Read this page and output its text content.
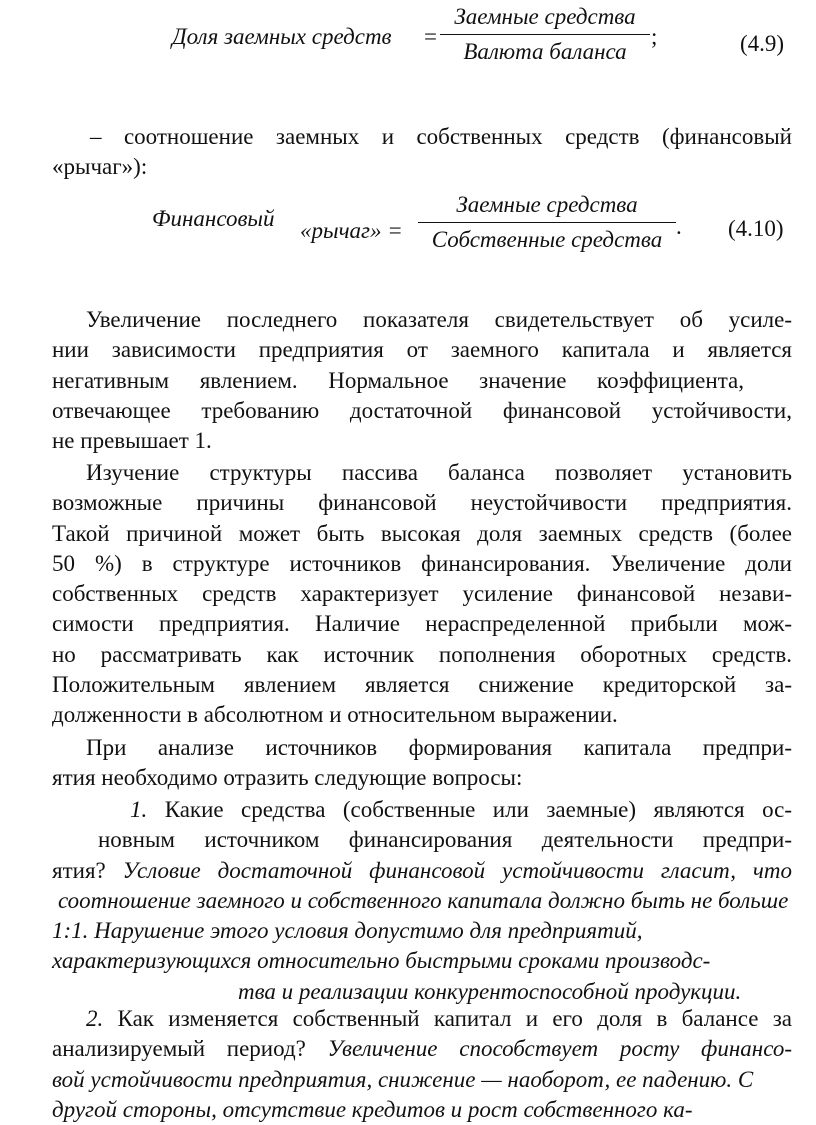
Доля заемных средств =
Заемные средства
Валюта баланса
;	(4.9)
– соотношение заемных и собственных средств (финансовый
«рычаг»):
Финансовый «рычаг» =
Заемные средства
Собственные средства
. (4.10)
Увеличение последнего показателя свидетельствует об усиле-
нии зависимости предприятия от заемного капитала и является
негативным явлением. Нормальное значение коэффициента,
отвечающее требованию достаточной финансовой устойчивости,
не превышает 1.
Изучение структуры пассива баланса позволяет установить
возможные причины финансовой неустойчивости предприятия.
Такой причиной может быть высокая доля заемных средств (более
50 %) в структуре источников финансирования. Увеличение доли
собственных средств характеризует усиление финансовой незави-
симости предприятия. Наличие нераспределенной прибыли мож-
но рассматривать как источник пополнения оборотных средств.
Положительным явлением является снижение кредиторской за-
долженности в абсолютном и относительном выражении.
При анализе источников формирования капитала предпри-
ятия необходимо отразить следующие вопросы:
1. Какие средства (собственные или заемные) являются ос-
новным источником финансирования деятельности предпри-
ятия? Условие достаточной финансовой устойчивости гласит, что
соотношение заемного и собственного капитала должно быть не больше 1:1. Нарушение этого условия допустимо для предприятий, характеризующихся относительно быстрыми сроками производс- тва и реализации конкурентоспособной продукции.
2. Как изменяется собственный капитал и его доля в балансе за
анализируемый период? Увеличение способствует росту финансо-
вой устойчивости предприятия, снижение — наоборот, ее падению. С другой стороны, отсутствие кредитов и рост собственного ка-
